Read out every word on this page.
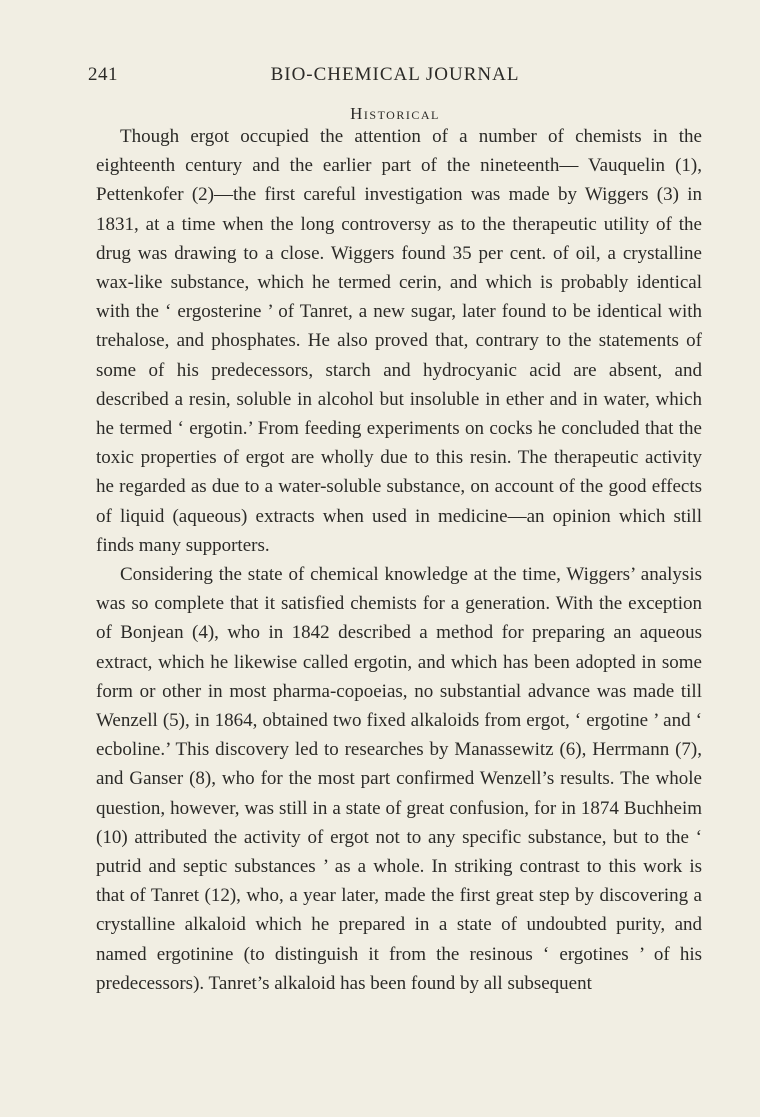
241	BIO-CHEMICAL JOURNAL
Historical

Though ergot occupied the attention of a number of chemists in the eighteenth century and the earlier part of the nineteenth— Vauquelin (1), Pettenkofer (2)—the first careful investigation was made by Wiggers (3) in 1831, at a time when the long controversy as to the therapeutic utility of the drug was drawing to a close. Wiggers found 35 per cent. of oil, a crystalline wax-like substance, which he termed cerin, and which is probably identical with the ‘ ergosterine ’ of Tanret, a new sugar, later found to be identical with trehalose, and phosphates. He also proved that, contrary to the statements of some of his predecessors, starch and hydrocyanic acid are absent, and described a resin, soluble in alcohol but insoluble in ether and in water, which he termed ‘ ergotin.’ From feeding experiments on cocks he concluded that the toxic properties of ergot are wholly due to this resin. The therapeutic activity he regarded as due to a water-soluble substance, on account of the good effects of liquid (aqueous) extracts when used in medicine—an opinion which still finds many supporters.

Considering the state of chemical knowledge at the time, Wiggers’ analysis was so complete that it satisfied chemists for a generation. With the exception of Bonjean (4), who in 1842 described a method for preparing an aqueous extract, which he likewise called ergotin, and which has been adopted in some form or other in most pharma-copoeias, no substantial advance was made till Wenzell (5), in 1864, obtained two fixed alkaloids from ergot, ‘ ergotine ’ and ‘ ecboline.’ This discovery led to researches by Manassewitz (6), Herrmann (7), and Ganser (8), who for the most part confirmed Wenzell’s results. The whole question, however, was still in a state of great confusion, for in 1874 Buchheim (10) attributed the activity of ergot not to any specific substance, but to the ‘ putrid and septic substances ’ as a whole. In striking contrast to this work is that of Tanret (12), who, a year later, made the first great step by discovering a crystalline alkaloid which he prepared in a state of undoubted purity, and named ergotinine (to distinguish it from the resinous ‘ ergotines ’ of his predecessors). Tanret’s alkaloid has been found by all subsequent
